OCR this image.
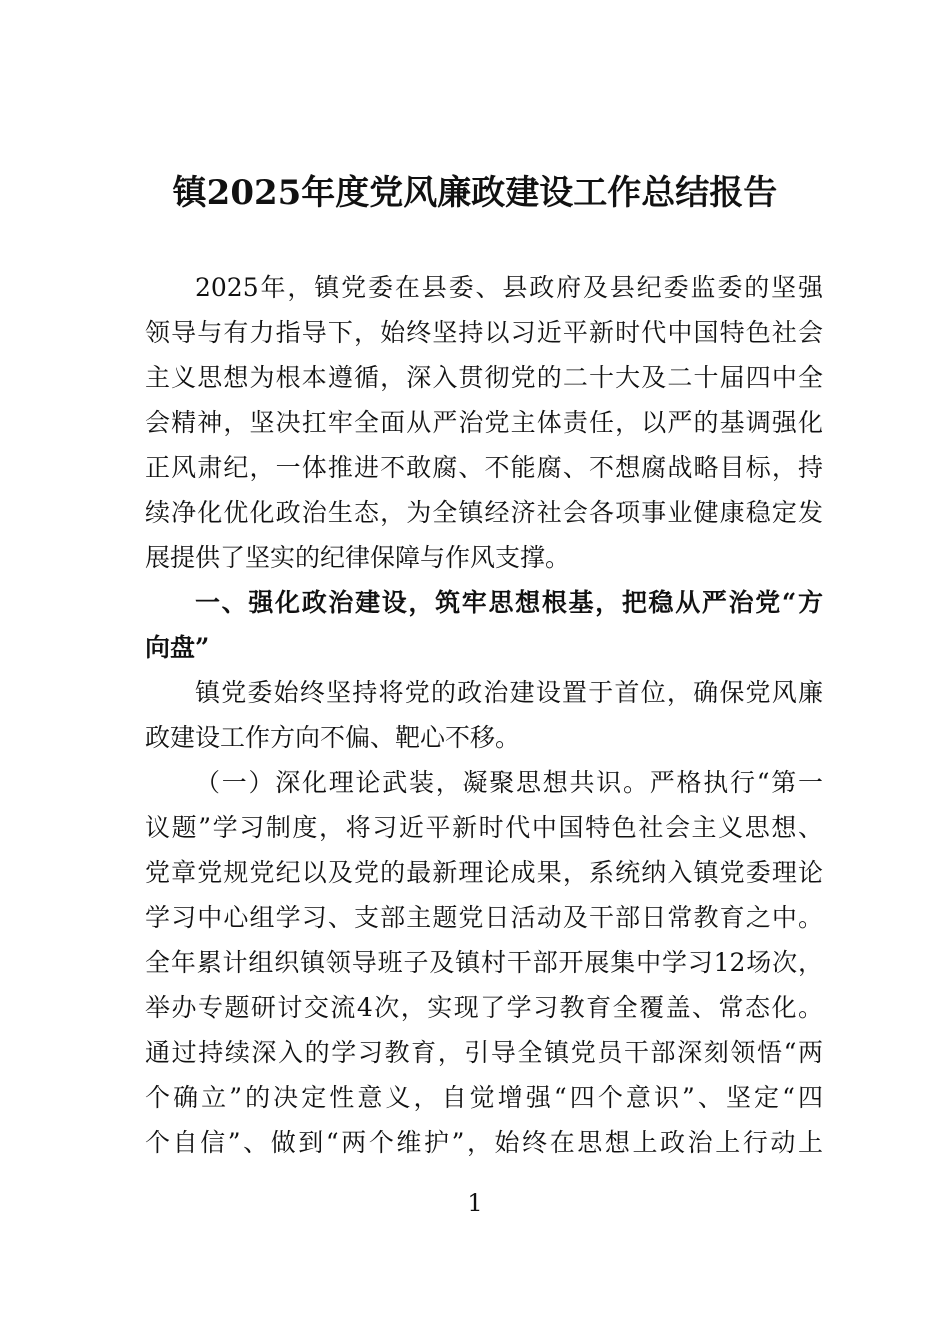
镇2025年度党风廉政建设工作总结报告
2025年，镇党委在县委、县政府及县纪委监委的坚强
领导与有力指导下，始终坚持以习近平新时代中国特色社会
主义思想为根本遵循，深入贯彻党的二十大及二十届四中全
会精神，坚决扛牢全面从严治党主体责任，以严的基调强化
正风肃纪，一体推进不敢腐、不能腐、不想腐战略目标，持
续净化优化政治生态，为全镇经济社会各项事业健康稳定发
展提供了坚实的纪律保障与作风支撑。
一、强化政治建设，筑牢思想根基，把稳从严治党“方
向盘”
镇党委始终坚持将党的政治建设置于首位，确保党风廉
政建设工作方向不偏、靶心不移。
（一）深化理论武装，凝聚思想共识。严格执行“第一
议题”学习制度，将习近平新时代中国特色社会主义思想、
党章党规党纪以及党的最新理论成果，系统纳入镇党委理论
学习中心组学习、支部主题党日活动及干部日常教育之中。
全年累计组织镇领导班子及镇村干部开展集中学习12场次，
举办专题研讨交流4次，实现了学习教育全覆盖、常态化。
通过持续深入的学习教育，引导全镇党员干部深刻领悟“两
个确立”的决定性意义，自觉增强“四个意识”、坚定“四
个自信”、做到“两个维护”，始终在思想上政治上行动上
1
